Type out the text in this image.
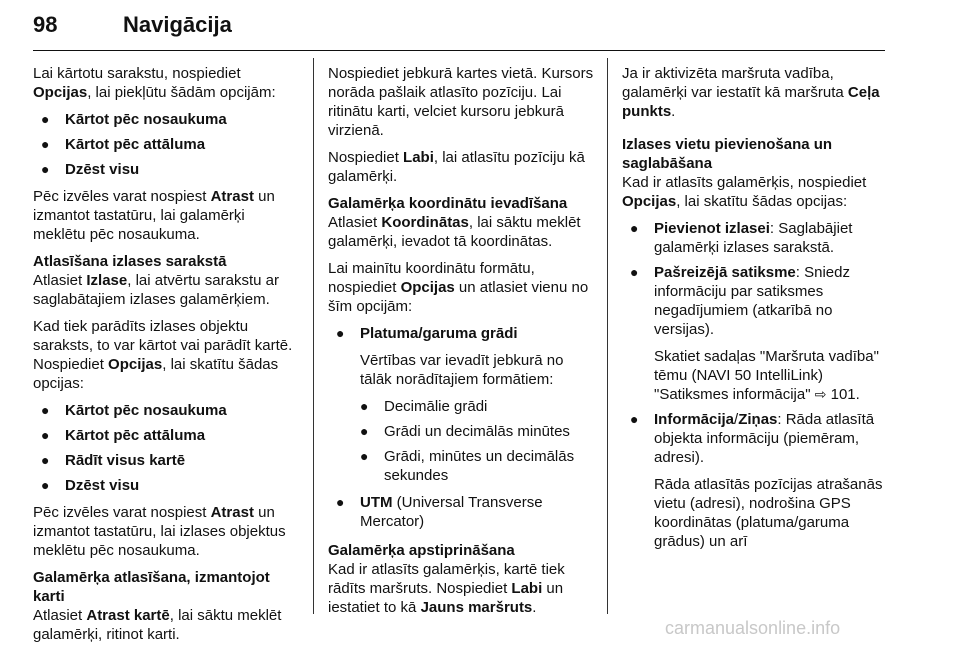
98	Navigācija

Lai kārtotu sarakstu, nospiediet Opcijas, lai piekļūtu šādām opcijām:

● Kārtot pēc nosaukuma
● Kārtot pēc attāluma
● Dzēst visu

Pēc izvēles varat nospiest Atrast un izmantot tastatūru, lai galamērķi meklētu pēc nosaukuma.

Atlasīšana izlases sarakstā

Atlasiet Izlase, lai atvērtu sarakstu ar saglabātajiem izlases galamērķiem.

Kad tiek parādīts izlases objektu saraksts, to var kārtot vai parādīt kartē. Nospiediet Opcijas, lai skatītu šādas opcijas:

● Kārtot pēc nosaukuma
● Kārtot pēc attāluma
● Rādīt visus kartē
● Dzēst visu

Pēc izvēles varat nospiest Atrast un izmantot tastatūru, lai izlases objektus meklētu pēc nosaukuma.

Galamērķa atlasīšana, izmantojot karti

Atlasiet Atrast kartē, lai sāktu meklēt galamērķi, ritinot karti.

Nospiediet jebkurā kartes vietā. Kursors norāda pašlaik atlasīto pozīciju. Lai ritinātu karti, velciet kursoru jebkurā virzienā.

Nospiediet Labi, lai atlasītu pozīciju kā galamērķi.

Galamērķa koordinātu ievadīšana

Atlasiet Koordinātas, lai sāktu meklēt galamērķi, ievadot tā koordinātas.

Lai mainītu koordinātu formātu, nospiediet Opcijas un atlasiet vienu no šīm opcijām:

● Platuma/garuma grādi
Vērtības var ievadīt jebkurā no tālāk norādītajiem formātiem:
● Decimālie grādi
● Grādi un decimālās minūtes
● Grādi, minūtes un decimālās sekundes
● UTM (Universal Transverse Mercator)

Galamērķa apstiprināšana

Kad ir atlasīts galamērķis, kartē tiek rādīts maršruts. Nospiediet Labi un iestatiet to kā Jauns maršruts.

Ja ir aktivizēta maršruta vadība, galamērķi var iestatīt kā maršruta Ceļa punkts.

Izlases vietu pievienošana un saglabāšana

Kad ir atlasīts galamērķis, nospiediet Opcijas, lai skatītu šādas opcijas:

● Pievienot izlasei: Saglabājiet galamērķi izlases sarakstā.
● Pašreizējā satiksme: Sniedz informāciju par satiksmes negadījumiem (atkarībā no versijas).
Skatiet sadaļas "Maršruta vadība" tēmu (NAVI 50 IntelliLink) "Satiksmes informācija" ⇨ 101.
● Informācija/Ziņas: Rāda atlasītā objekta informāciju (piemēram, adresi).
Rāda atlasītās pozīcijas atrašanās vietu (adresi), nodrošina GPS koordinātas (platuma/garuma grādus) un arī
carmanualsonline.info
